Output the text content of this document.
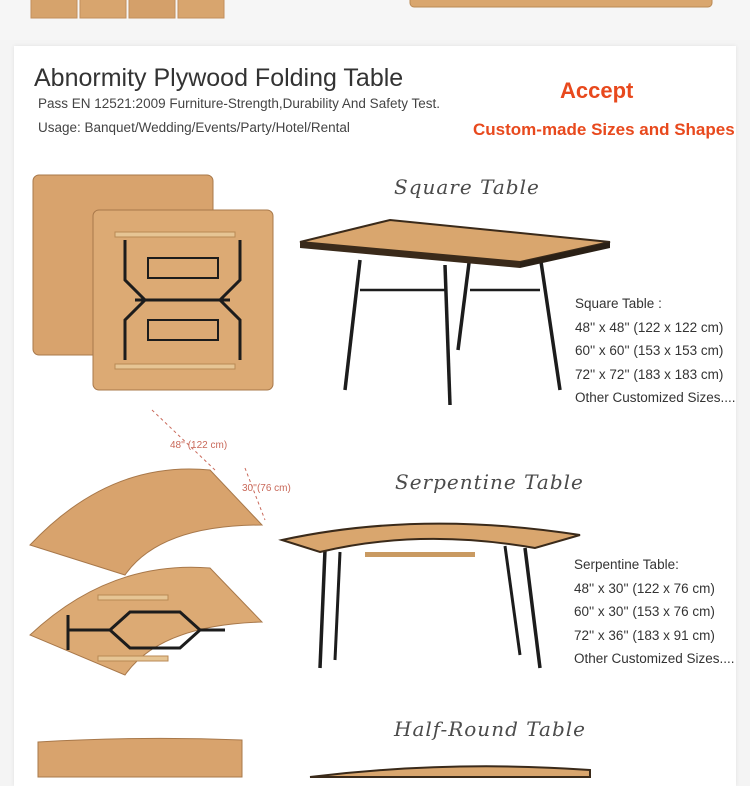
Abnormity Plywood Folding Table
Pass EN 12521:2009 Furniture-Strength,Durability And Safety Test.
Usage: Banquet/Wedding/Events/Party/Hotel/Rental
Accept
Custom-made Sizes and Shapes
Square Table
Square Table :
48'' x 48'' (122 x 122 cm)
60'' x 60'' (153 x 153 cm)
72'' x 72'' (183 x 183 cm)
Other Customized Sizes....
48'' (122 cm)
30''(76 cm)	Serpentine Table
Serpentine Table:
48'' x 30'' (122 x 76 cm)
60'' x 30'' (153 x 76 cm)
72'' x 36'' (183 x 91 cm)
Other Customized Sizes....
Half-Round Table
